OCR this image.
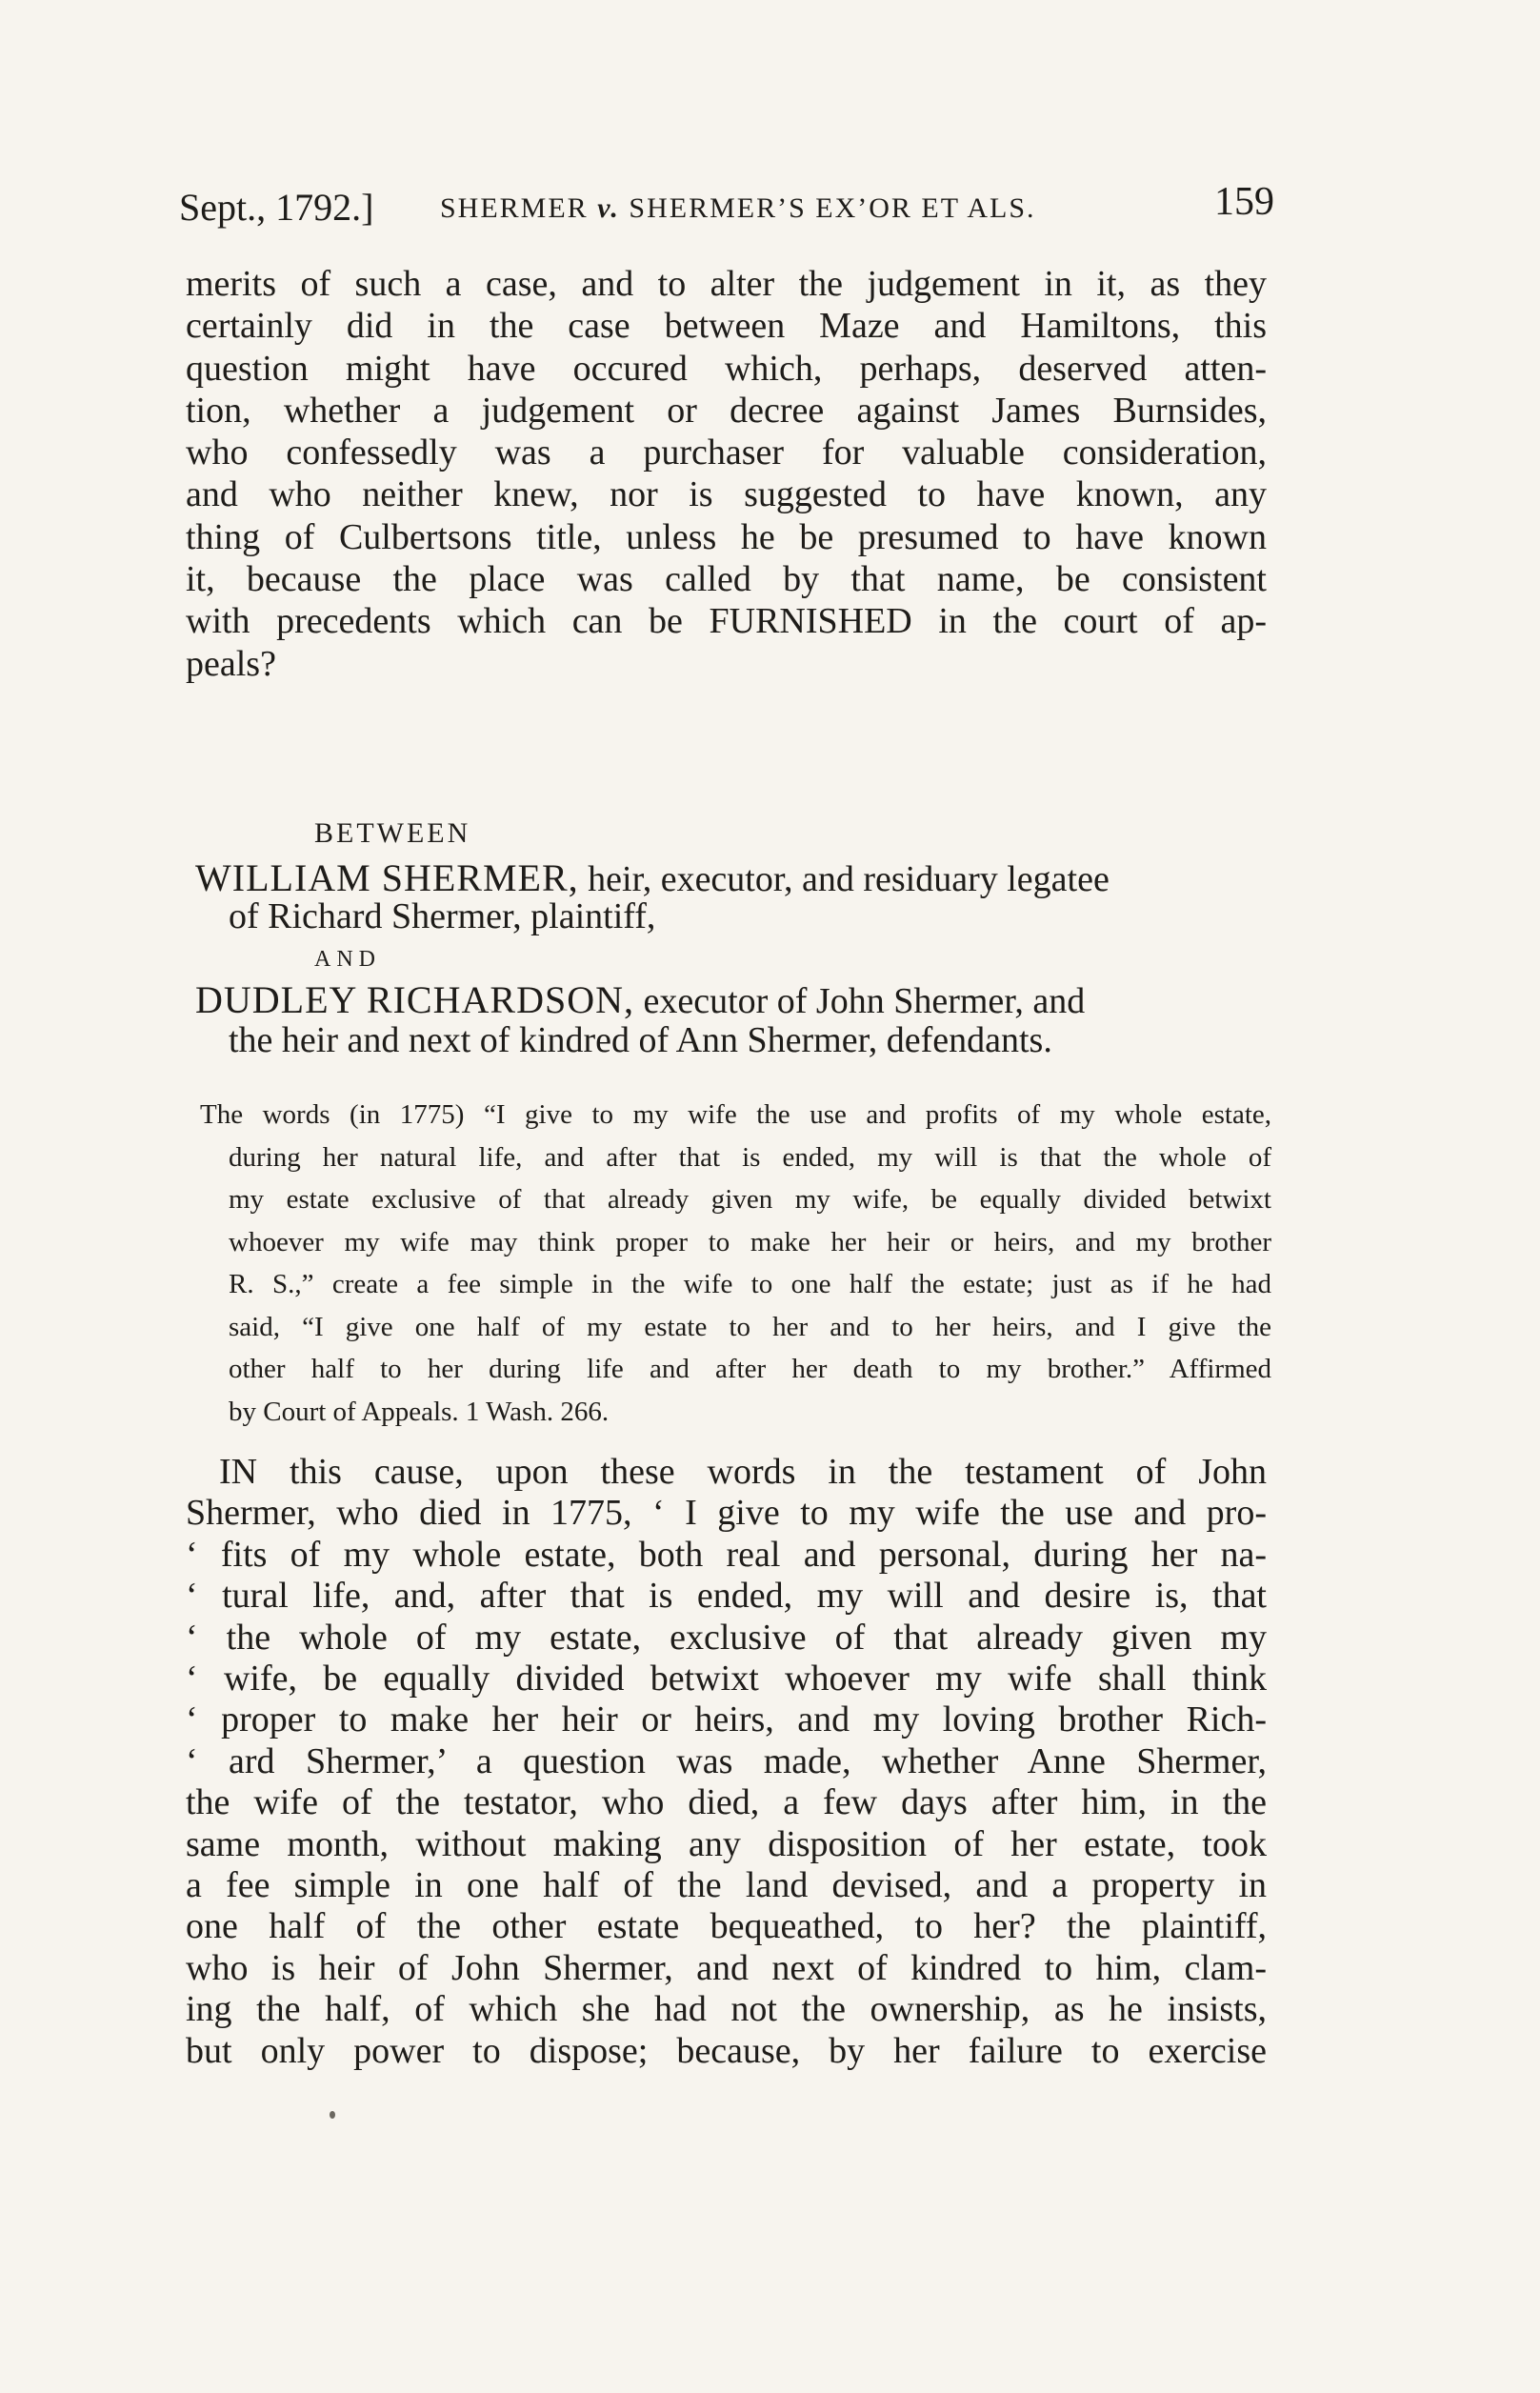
Sept., 1792.] SHERMER v. SHERMER’S EX’OR ET ALS.	159

merits of such a case, and to alter the judgement in it, as they

certainly did in the case between Maze and Hamiltons, this

question might have occured which, perhaps, deserved atten-

tion, whether a judgement or decree against James Burnsides,

who confessedly was a purchaser for valuable consideration,

and who neither knew, nor is suggested to have known, any

thing of Culbertsons title, unless he be presumed to have known

it, because the place was called by that name, be consistent

with precedents which can be FURNISHED in the court of ap-

peals?

BETWEEN
WILLIAM SHERMER, heir, executor, and residuary legatee
of Richard Shermer, plaintiff,
AND
DUDLEY RICHARDSON, executor of John Shermer, and
the heir and next of kindred of Ann Shermer, defendants.

The words (in 1775) “I give to my wife the use and profits of my whole estate,

during her natural life, and after that is ended, my will is that the whole of

my estate exclusive of that already given my wife, be equally divided betwixt

whoever my wife may think proper to make her heir or heirs, and my brother

R. S.,” create a fee simple in the wife to one half the estate; just as if he had

said, “I give one half of my estate to her and to her heirs, and I give the

other half to her during life and after her death to my brother.” Affirmed

by Court of Appeals. 1 Wash. 266.

IN this cause, upon these words in the testament of John

Shermer, who died in 1775, ‘ I give to my wife the use and pro-

‘ fits of my whole estate, both real and personal, during her na-

‘ tural life, and, after that is ended, my will and desire is, that

‘ the whole of my estate, exclusive of that already given my

‘ wife, be equally divided betwixt whoever my wife shall think

‘ proper to make her heir or heirs, and my loving brother Rich-

‘ ard Shermer,’ a question was made, whether Anne Shermer,

the wife of the testator, who died, a few days after him, in the

same month, without making any disposition of her estate, took

a fee simple in one half of the land devised, and a property in

one half of the other estate bequeathed, to her? the plaintiff,

who is heir of John Shermer, and next of kindred to him, clam-

ing the half, of which she had not the ownership, as he insists,

but only power to dispose; because, by her failure to exercise
